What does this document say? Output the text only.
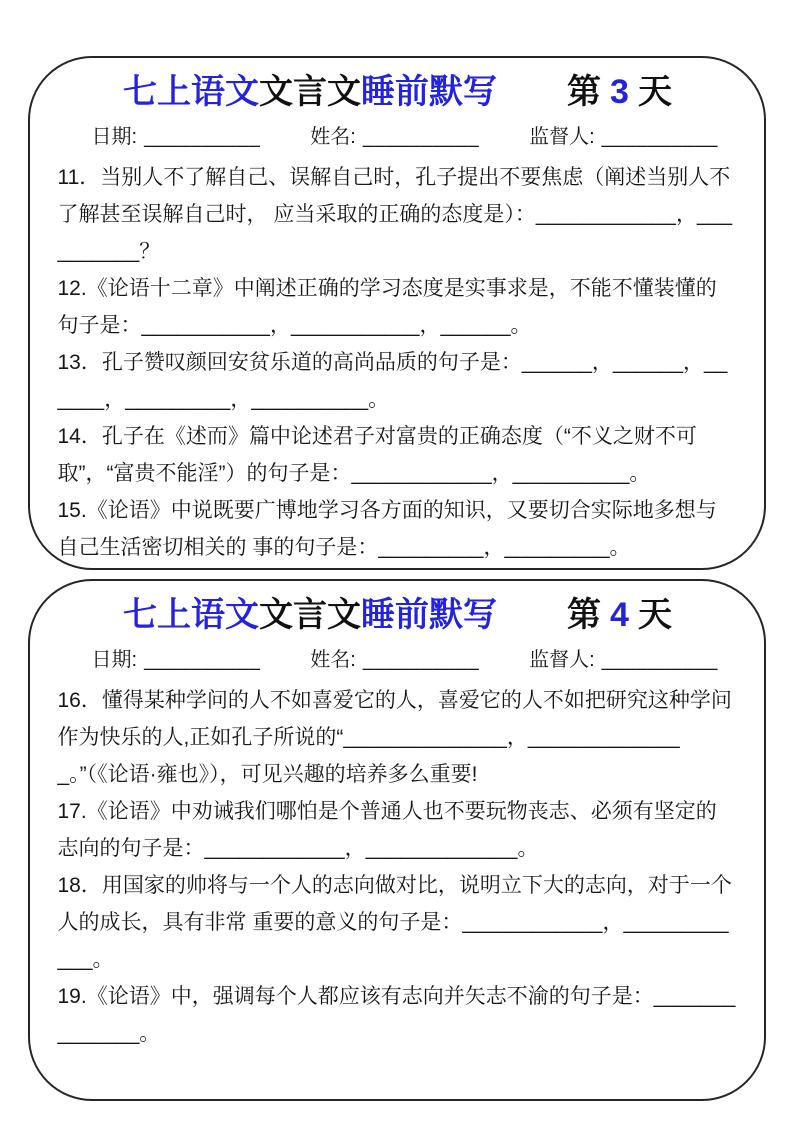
七上语文文言文睡前默写 第 3 天
日期: __________	姓名: __________	监督人: __________

11．当别人不了解自己、误解自己时，孔子提出不要焦虑（阐述当别人不了解甚至误解自己时， 应当采取的正确的态度是）：____________，__________？

12.《论语十二章》中阐述正确的学习态度是实事求是，不能不懂装懂的句子是：___________，___________，______。

13．孔子赞叹颜回安贫乐道的高尚品质的句子是：______，______，______，_________，__________。

14．孔子在《述而》篇中论述君子对富贵的正确态度（“不义之财不可取”，“富贵不能淫”）的句子是：____________，__________。

15.《论语》中说既要广博地学习各方面的知识，又要切合实际地多想与自己生活密切相关的 事的句子是：_________，_________。

七上语文文言文睡前默写 第 4 天
日期: __________	姓名: __________	监督人: __________

16．懂得某种学问的人不如喜爱它的人，喜爱它的人不如把研究这种学问作为快乐的人,正如孔子所说的“______________，______________。”（《论语·雍也》），可见兴趣的培养多么重要!

17.《论语》中劝诫我们哪怕是个普通人也不要玩物丧志、必须有坚定的志向的句子是：____________，_____________。

18．用国家的帅将与一个人的志向做对比，说明立下大的志向，对于一个人的成长，具有非常 重要的意义的句子是：____________，____________。

19.《论语》中，强调每个人都应该有志向并矢志不渝的句子是：______________。
